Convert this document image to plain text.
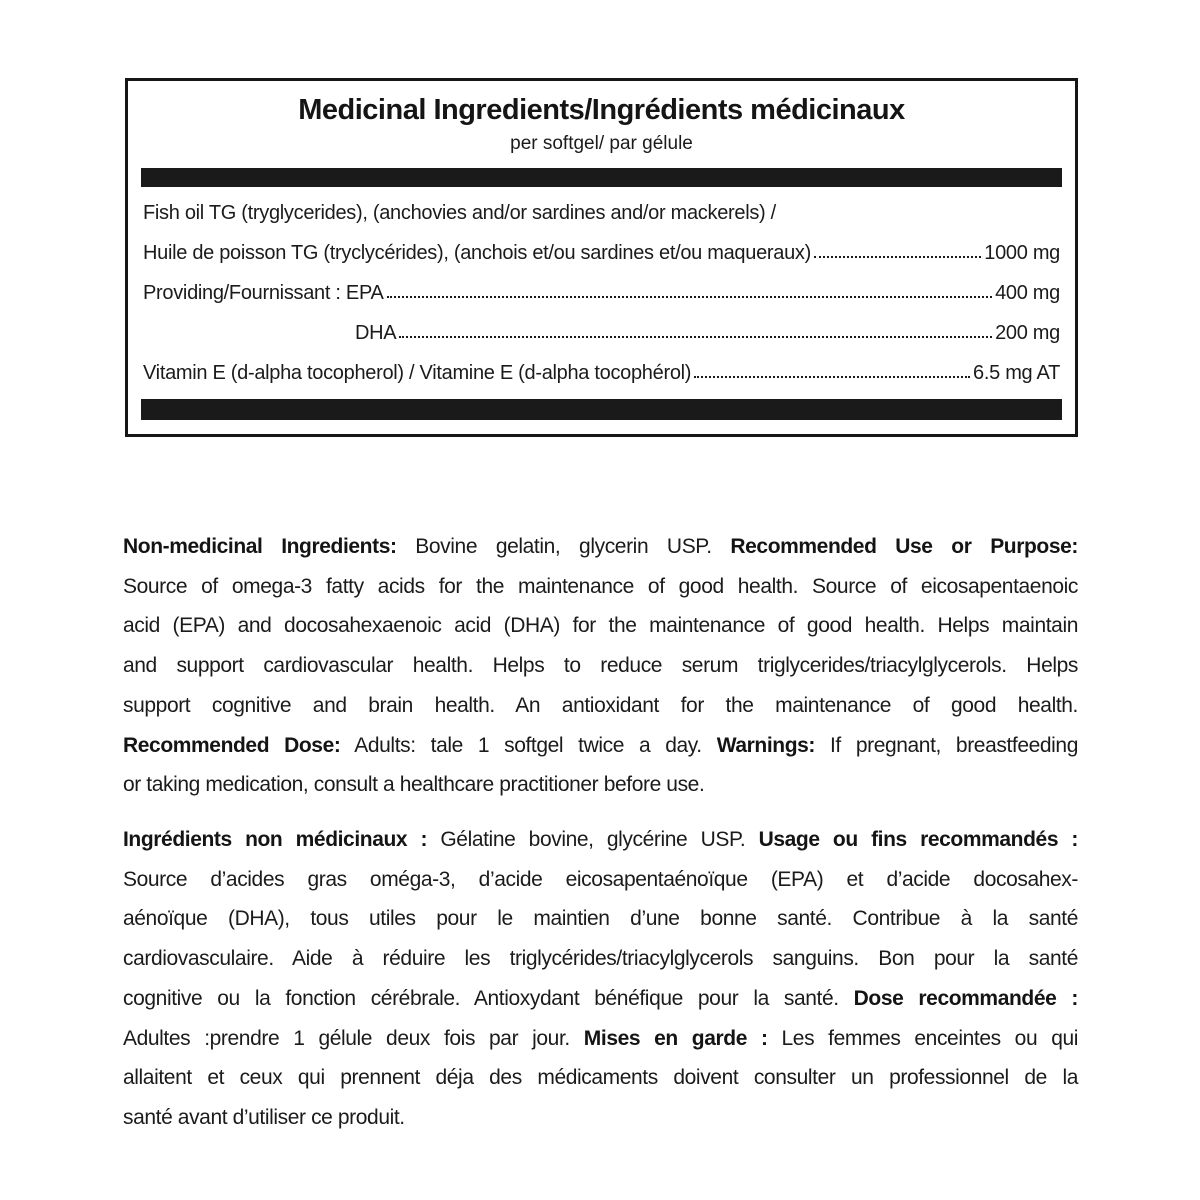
Medicinal Ingredients/Ingrédients médicinaux
per softgel/ par gélule
Fish oil TG (tryglycerides), (anchovies and/or sardines and/or mackerels) /
Huile de poisson TG (tryclycérides), (anchois et/ou sardines et/ou maqueraux)	1000 mg
Providing/Fournissant : EPA	400 mg
DHA	200 mg
Vitamin E (d-alpha tocopherol) / Vitamine E (d-alpha tocophérol)	6.5 mg AT
Non-medicinal Ingredients: Bovine gelatin, glycerin USP. Recommended Use or Purpose:
Source of omega-3 fatty acids for the maintenance of good health. Source of eicosapentaenoic
acid (EPA) and docosahexaenoic acid (DHA) for the maintenance of good health. Helps maintain
and support cardiovascular health. Helps to reduce serum triglycerides/triacylglycerols. Helps
support cognitive and brain health. An antioxidant for the maintenance of good health.
Recommended Dose: Adults: tale 1 softgel twice a day. Warnings: If pregnant, breastfeeding
or taking medication, consult a healthcare practitioner before use.
Ingrédients non médicinaux : Gélatine bovine, glycérine USP. Usage ou fins recommandés :
Source d’acides gras oméga-3, d’acide eicosapentaénoïque (EPA) et d’acide docosahex-
aénoïque (DHA), tous utiles pour le maintien d’une bonne santé. Contribue à la santé
cardiovasculaire. Aide à réduire les triglycérides/triacylglycerols sanguins. Bon pour la santé
cognitive ou la fonction cérébrale. Antioxydant bénéfique pour la santé. Dose recommandée :
Adultes :prendre 1 gélule deux fois par jour. Mises en garde : Les femmes enceintes ou qui
allaitent et ceux qui prennent déja des médicaments doivent consulter un professionnel de la
santé avant d’utiliser ce produit.
